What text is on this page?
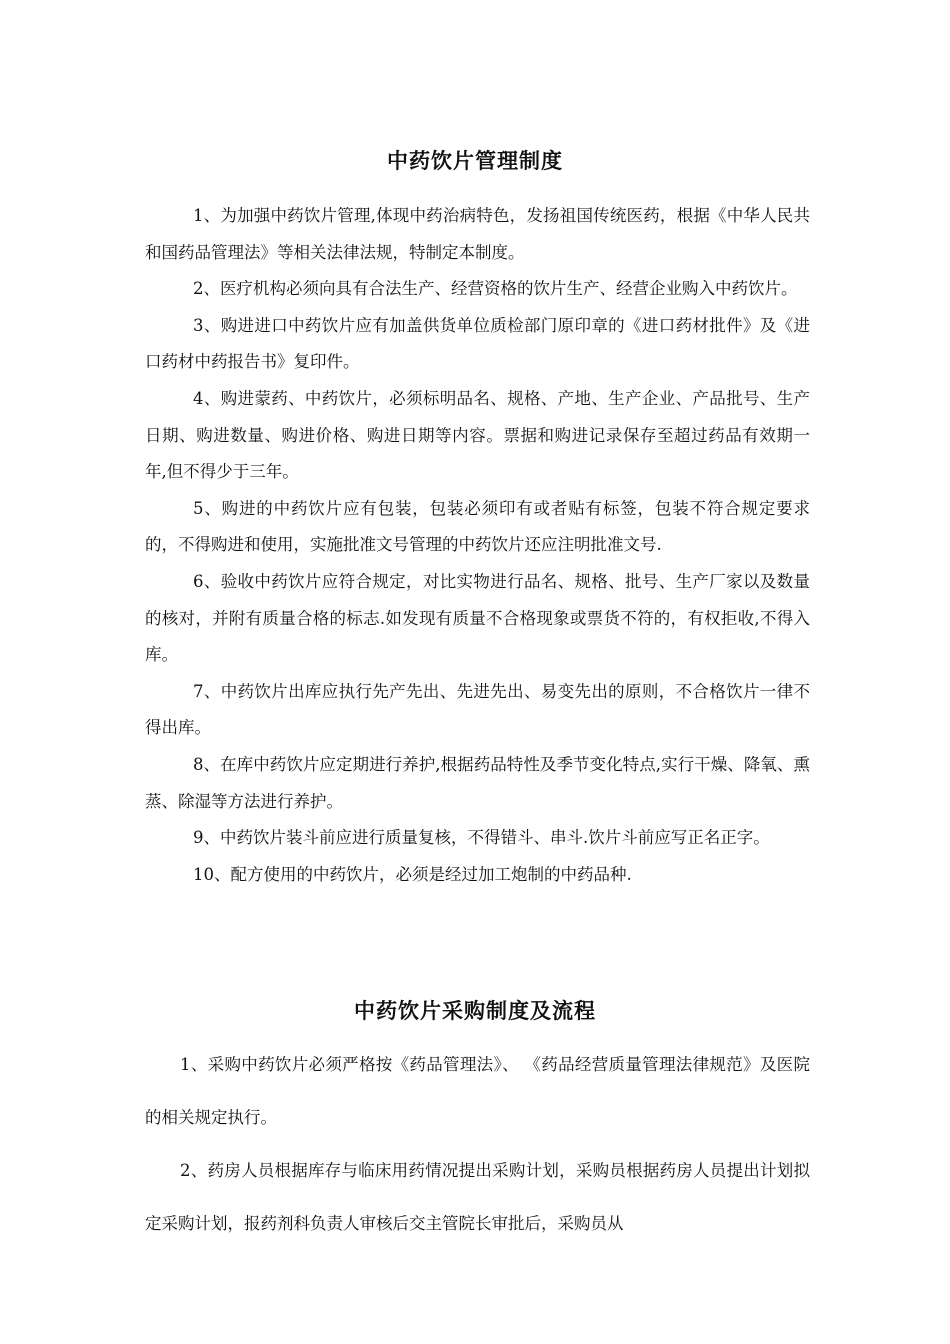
中药饮片管理制度

1、为加强中药饮片管理,体现中药治病特色，发扬祖国传统医药，根据《中华人民共和国药品管理法》等相关法律法规，特制定本制度。

2、医疗机构必须向具有合法生产、经营资格的饮片生产、经营企业购入中药饮片。

3、购进进口中药饮片应有加盖供货单位质检部门原印章的《进口药材批件》及《进口药材中药报告书》复印件。

4、购进蒙药、中药饮片，必须标明品名、规格、产地、生产企业、产品批号、生产日期、购进数量、购进价格、购进日期等内容。票据和购进记录保存至超过药品有效期一年,但不得少于三年。

5、购进的中药饮片应有包装，包装必须印有或者贴有标签，包装不符合规定要求的，不得购进和使用，实施批准文号管理的中药饮片还应注明批准文号.

6、验收中药饮片应符合规定，对比实物进行品名、规格、批号、生产厂家以及数量的核对，并附有质量合格的标志.如发现有质量不合格现象或票货不符的，有权拒收,不得入库。

7、中药饮片出库应执行先产先出、先进先出、易变先出的原则，不合格饮片一律不得出库。

8、在库中药饮片应定期进行养护,根据药品特性及季节变化特点,实行干燥、降氧、熏蒸、除湿等方法进行养护。

9、中药饮片装斗前应进行质量复核，不得错斗、串斗.饮片斗前应写正名正字。

10、配方使用的中药饮片，必须是经过加工炮制的中药品种.

中药饮片采购制度及流程

1、采购中药饮片必须严格按《药品管理法》、 《药品经营质量管理法律规范》及医院的相关规定执行。

2、药房人员根据库存与临床用药情况提出采购计划，采购员根据药房人员提出计划拟定采购计划，报药剂科负责人审核后交主管院长审批后，采购员从
